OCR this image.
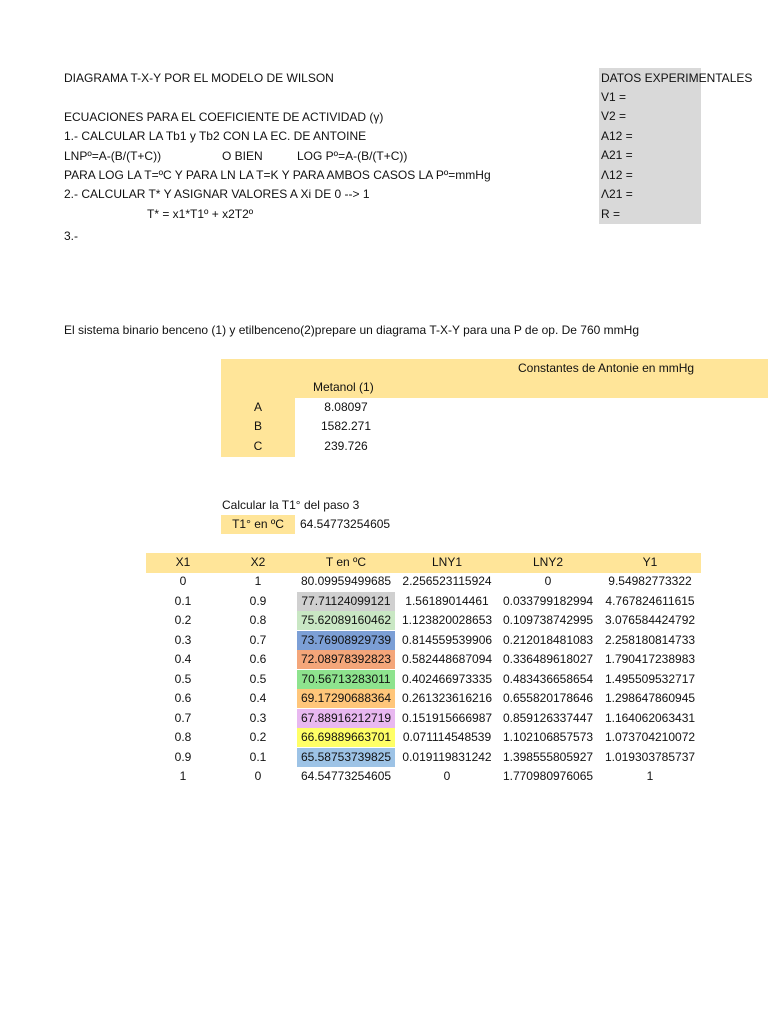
DIAGRAMA T-X-Y POR EL MODELO DE WILSON
ECUACIONES PARA EL COEFICIENTE DE ACTIVIDAD (γ)
1.- CALCULAR LA Tb1 y Tb2 CON LA EC. DE ANTOINE
LNPº=A-(B/(T+C))	O BIEN	LOG Pº=A-(B/(T+C))
PARA LOG LA T=ºC Y PARA LN LA T=K Y PARA AMBOS CASOS LA Pº=mmHg
2.- CALCULAR T* Y ASIGNAR VALORES A Xi DE 0 --> 1
T* = x1*T1º + x2T2º
3.-
DATOS EXPERIMENTALES
V1 =
V2 =
A12 =
A21 =
Λ12 =
Λ21 =
R =
El sistema binario benceno (1) y etilbenceno(2)prepare un diagrama T-X-Y para una P de op. De 760 mmHg
Constantes de Antonie en mmHg
Metanol (1)
A	8.08097
B	1582.271
C	239.726
Calcular la T1° del paso 3
T1° en ºC	64.54773254605
X1	X2	T en ºC	LNY1	LNY2	Y1
0	1	80.09959499685 2.256523115924	0	9.54982773322
0.1	0.9	77.71124099121	1.56189014461	0.033799182994	4.767824611615
0.2	0.8	75.62089160462 1.123820028653 0.109738742995 3.076584424792
0.3	0.7	73.76908929739 0.814559539906 0.212018481083 2.258180814733
0.4	0.6	72.08978392823 0.582448687094 0.336489618027 1.790417238983
0.5	0.5	70.56713283011 0.402466973335 0.483436658654 1.495509532717
0.6	0.4	69.17290688364 0.261323616216 0.655820178646 1.298647860945
0.7	0.3	67.88916212719 0.151915666987 0.859126337447 1.164062063431
0.8	0.2	66.69889663701 0.071114548539 1.102106857573 1.073704210072
0.9	0.1	65.58753739825 0.019119831242 1.398555805927 1.019303785737
1	0	64.54773254605	0	1.770980976065	1
